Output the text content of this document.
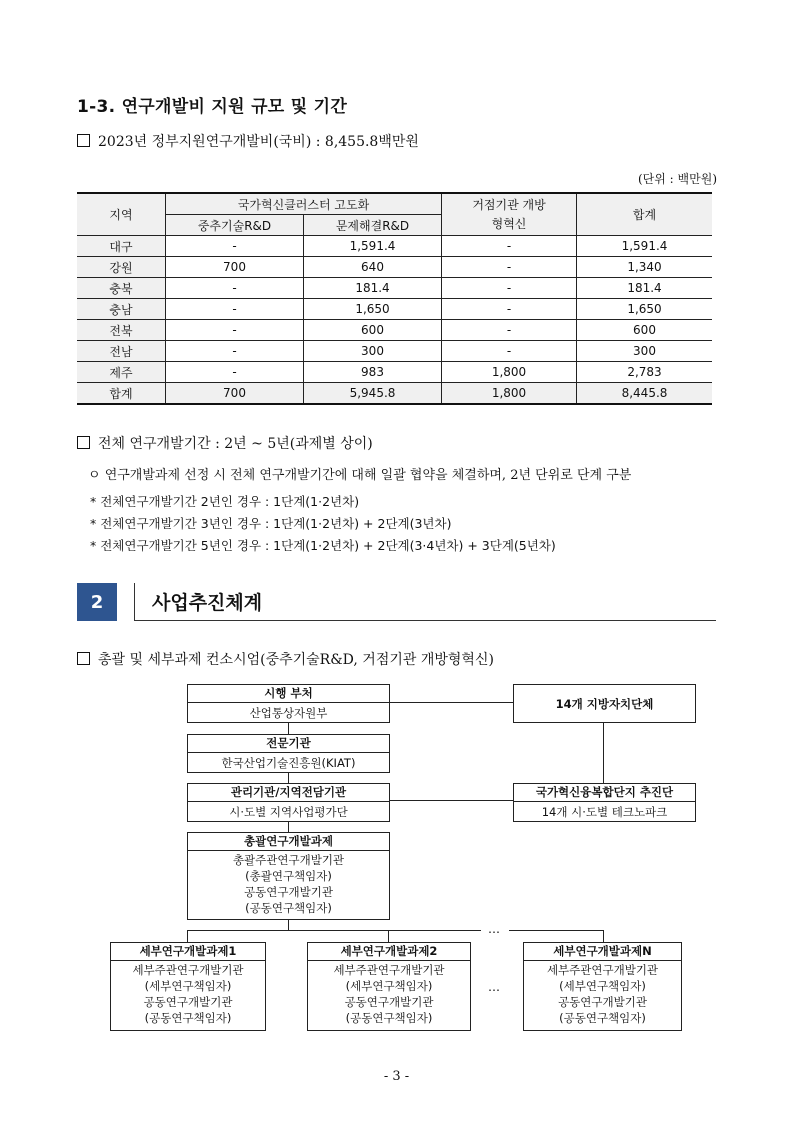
1-3. 연구개발비 지원 규모 및 기간
2023년 정부지원연구개발비(국비) : 8,455.8백만원
(단위 : 백만원)
지역	국가혁신클러스터 고도화		거점기관 개방형혁신	합계
	중추기술R&D	문제해결R&D		
대구	-	1,591.4	-	1,591.4
강원	700	640	-	1,340
충북	-	181.4	-	181.4
충남	-	1,650	-	1,650
전북	-	600	-	600
전남	-	300	-	300
제주	-	983	1,800	2,783
합계	700	5,945.8	1,800	8,445.8
전체 연구개발기간 : 2년 ~ 5년(과제별 상이)
ㅇ 연구개발과제 선정 시 전체 연구개발기간에 대해 일괄 협약을 체결하며, 2년 단위로 단계 구분
* 전체연구개발기간 2년인 경우 : 1단계(1·2년차)
* 전체연구개발기간 3년인 경우 : 1단계(1·2년차) + 2단계(3년차)
* 전체연구개발기간 5년인 경우 : 1단계(1·2년차) + 2단계(3·4년차) + 3단계(5년차)
2	사업추진체계
총괄 및 세부과제 컨소시엄(중추기술R&D, 거점기관 개방형혁신)
…
…
시행 부처
산업통상자원부
14개 지방자치단체
전문기관
한국산업기술진흥원(KIAT)
관리기관/지역전담기관
시·도별 지역사업평가단
국가혁신융복합단지 추진단
14개 시·도별 테크노파크
총괄연구개발과제
총괄주관연구개발기관
(총괄연구책임자)
공동연구개발기관
(공동연구책임자)
세부연구개발과제1
세부주관연구개발기관
(세부연구책임자)
공동연구개발기관
(공동연구책임자)
세부연구개발과제2
세부주관연구개발기관
(세부연구책임자)
공동연구개발기관
(공동연구책임자)
세부연구개발과제N
세부주관연구개발기관
(세부연구책임자)
공동연구개발기관
(공동연구책임자)
- 3 -
